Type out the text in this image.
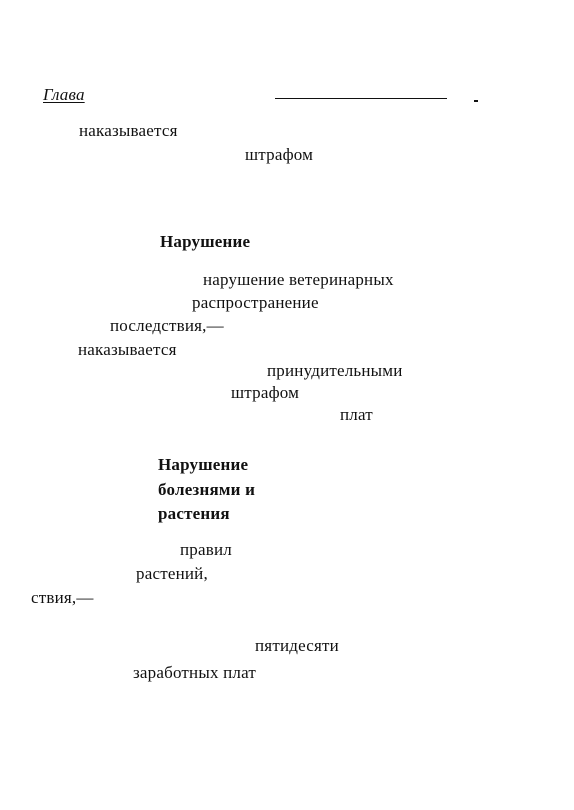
Глава
наказывается
штрафом
Нарушение
нарушение ветеринарных
распространение
последствия,—
наказывается
принудительными
штрафом
плат
Нарушение
болезнями и
растения
правил
растений,
ствия,—
пятидесяти
заработных плат
